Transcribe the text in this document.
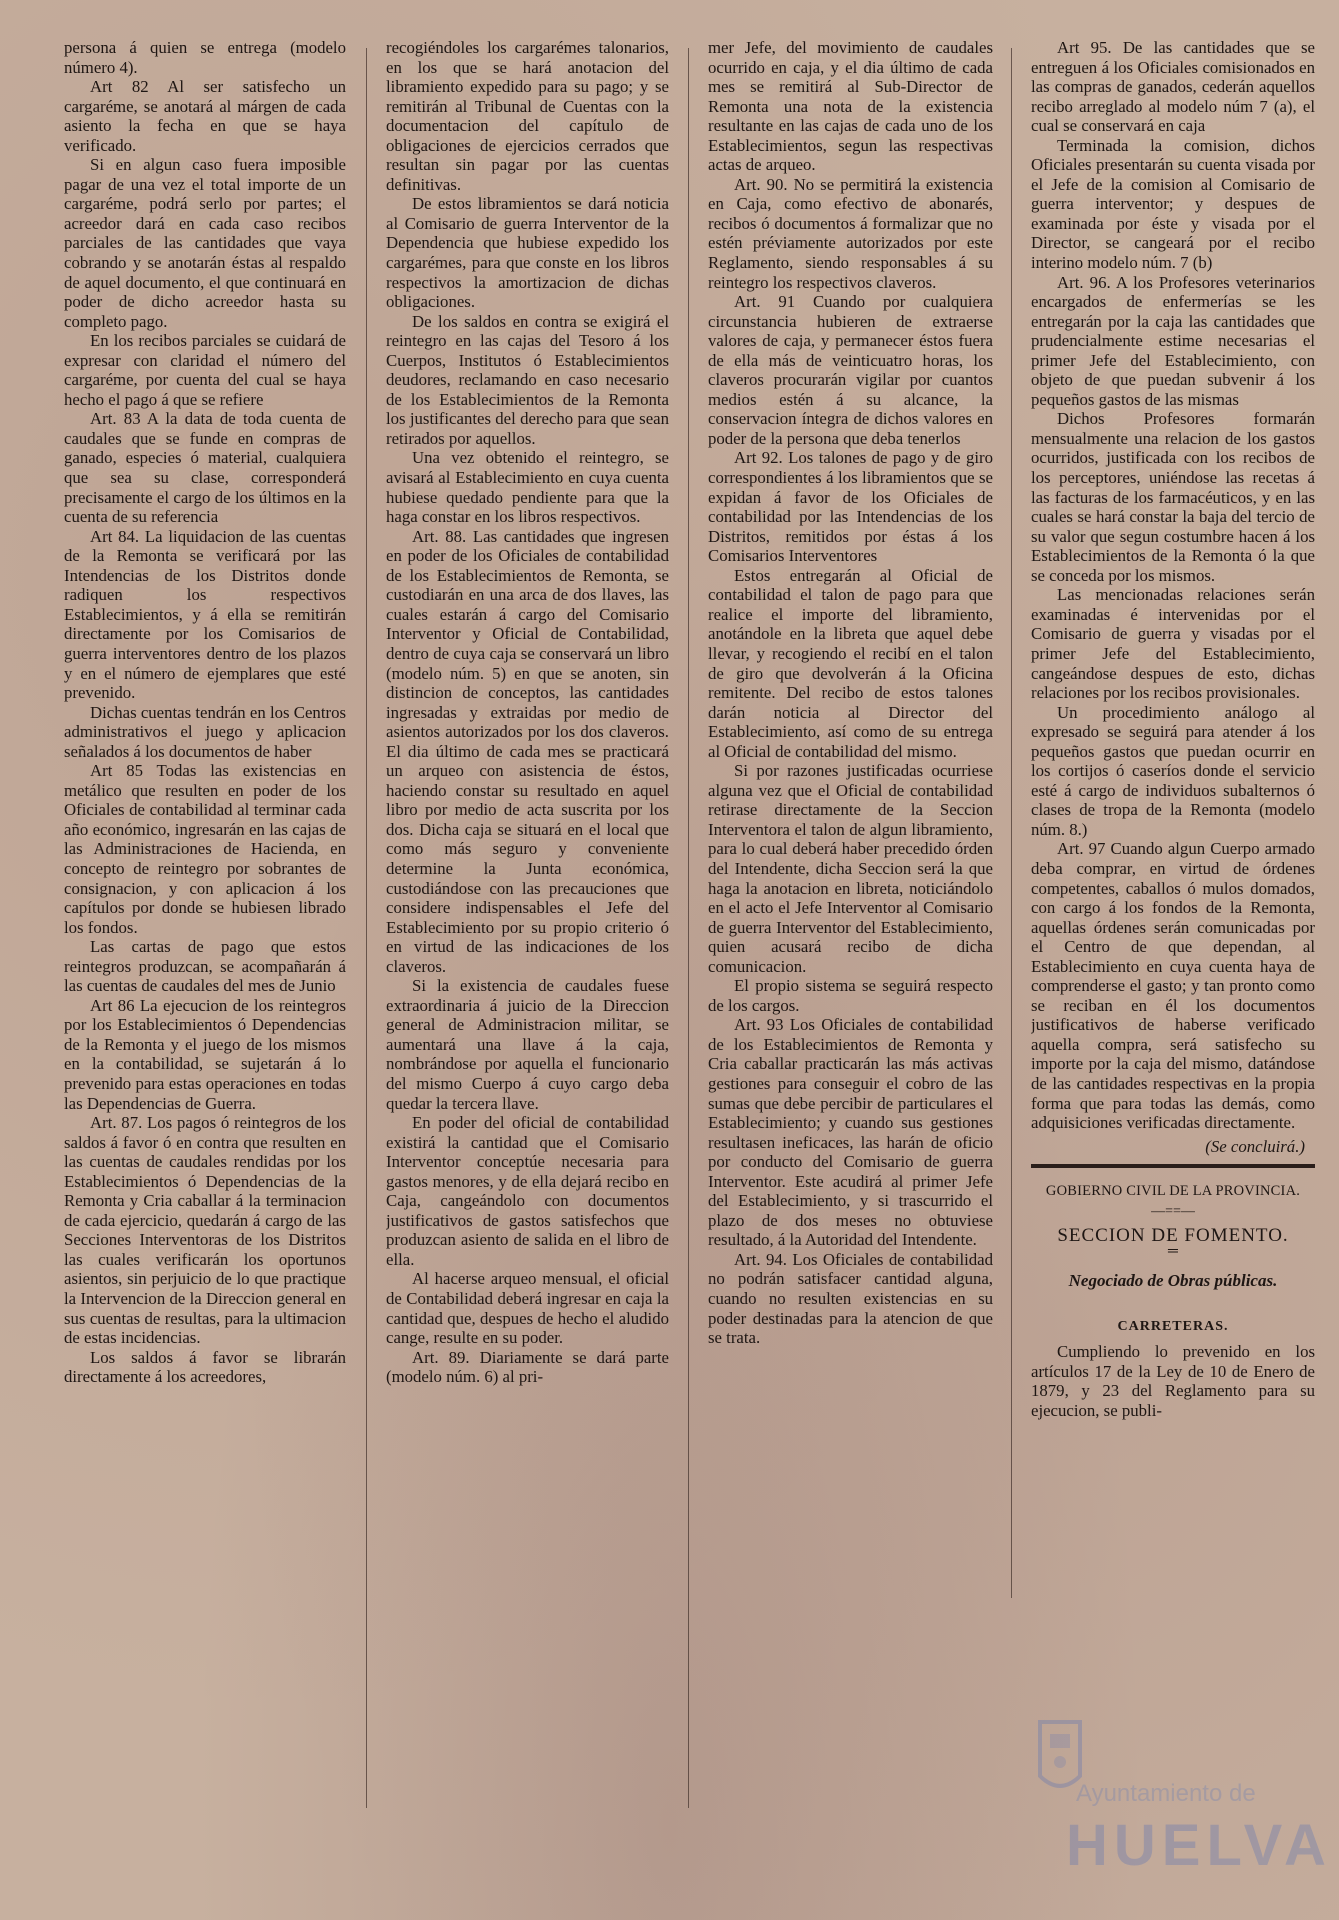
persona á quien se entrega (modelo número 4).

Art 82 Al ser satisfecho un cargaréme, se anotará al márgen de cada asiento la fecha en que se haya verificado.

Si en algun caso fuera imposible pagar de una vez el total importe de un cargaréme, podrá serlo por partes; el acreedor dará en cada caso recibos parciales de las cantidades que vaya cobrando y se anotarán éstas al respaldo de aquel documento, el que continuará en poder de dicho acreedor hasta su completo pago.

En los recibos parciales se cuidará de expresar con claridad el número del cargaréme, por cuenta del cual se haya hecho el pago á que se refiere

Art. 83 A la data de toda cuenta de caudales que se funde en compras de ganado, especies ó material, cualquiera que sea su clase, corresponderá precisamente el cargo de los últimos en la cuenta de su referencia

Art 84. La liquidacion de las cuentas de la Remonta se verificará por las Intendencias de los Distritos donde radiquen los respectivos Establecimientos, y á ella se remitirán directamente por los Comisarios de guerra interventores dentro de los plazos y en el número de ejemplares que esté prevenido.

Dichas cuentas tendrán en los Centros administrativos el juego y aplicacion señalados á los documentos de haber

Art 85 Todas las existencias en metálico que resulten en poder de los Oficiales de contabilidad al terminar cada año económico, ingresarán en las cajas de las Administraciones de Hacienda, en concepto de reintegro por sobrantes de consignacion, y con aplicacion á los capítulos por donde se hubiesen librado los fondos.

Las cartas de pago que estos reintegros produzcan, se acompañarán á las cuentas de caudales del mes de Junio

Art 86 La ejecucion de los reintegros por los Establecimientos ó Dependencias de la Remonta y el juego de los mismos en la contabilidad, se sujetarán á lo prevenido para estas operaciones en todas las Dependencias de Guerra.

Art. 87. Los pagos ó reintegros de los saldos á favor ó en contra que resulten en las cuentas de caudales rendidas por los Establecimientos ó Dependencias de la Remonta y Cria caballar á la terminacion de cada ejercicio, quedarán á cargo de las Secciones Interventoras de los Distritos las cuales verificarán los oportunos asientos, sin perjuicio de lo que practique la Intervencion de la Direccion general en sus cuentas de resultas, para la ultimacion de estas incidencias.

Los saldos á favor se librarán directamente á los acreedores,

recogiéndoles los cargarémes talonarios, en los que se hará anotacion del libramiento expedido para su pago; y se remitirán al Tribunal de Cuentas con la documentacion del capítulo de obligaciones de ejercicios cerrados que resultan sin pagar por las cuentas definitivas.

De estos libramientos se dará noticia al Comisario de guerra Interventor de la Dependencia que hubiese expedido los cargarémes, para que conste en los libros respectivos la amortizacion de dichas obligaciones.

De los saldos en contra se exigirá el reintegro en las cajas del Tesoro á los Cuerpos, Institutos ó Establecimientos deudores, reclamando en caso necesario de los Establecimientos de la Remonta los justificantes del derecho para que sean retirados por aquellos.

Una vez obtenido el reintegro, se avisará al Establecimiento en cuya cuenta hubiese quedado pendiente para que la haga constar en los libros respectivos.

Art. 88. Las cantidades que ingresen en poder de los Oficiales de contabilidad de los Establecimientos de Remonta, se custodiarán en una arca de dos llaves, las cuales estarán á cargo del Comisario Interventor y Oficial de Contabilidad, dentro de cuya caja se conservará un libro (modelo núm. 5) en que se anoten, sin distincion de conceptos, las cantidades ingresadas y extraidas por medio de asientos autorizados por los dos claveros. El dia último de cada mes se practicará un arqueo con asistencia de éstos, haciendo constar su resultado en aquel libro por medio de acta suscrita por los dos. Dicha caja se situará en el local que como más seguro y conveniente determine la Junta económica, custodiándose con las precauciones que considere indispensables el Jefe del Establecimiento por su propio criterio ó en virtud de las indicaciones de los claveros.

Si la existencia de caudales fuese extraordinaria á juicio de la Direccion general de Administracion militar, se aumentará una llave á la caja, nombrándose por aquella el funcionario del mismo Cuerpo á cuyo cargo deba quedar la tercera llave.

En poder del oficial de contabilidad existirá la cantidad que el Comisario Interventor conceptúe necesaria para gastos menores, y de ella dejará recibo en Caja, cangeándolo con documentos justificativos de gastos satisfechos que produzcan asiento de salida en el libro de ella.

Al hacerse arqueo mensual, el oficial de Contabilidad deberá ingresar en caja la cantidad que, despues de hecho el aludido cange, resulte en su poder.

Art. 89. Diariamente se dará parte (modelo núm. 6) al pri-

mer Jefe, del movimiento de caudales ocurrido en caja, y el dia último de cada mes se remitirá al Sub-Director de Remonta una nota de la existencia resultante en las cajas de cada uno de los Establecimientos, segun las respectivas actas de arqueo.

Art. 90. No se permitirá la existencia en Caja, como efectivo de abonarés, recibos ó documentos á formalizar que no estén préviamente autorizados por este Reglamento, siendo responsables á su reintegro los respectivos claveros.

Art. 91 Cuando por cualquiera circunstancia hubieren de extraerse valores de caja, y permanecer éstos fuera de ella más de veinticuatro horas, los claveros procurarán vigilar por cuantos medios estén á su alcance, la conservacion íntegra de dichos valores en poder de la persona que deba tenerlos

Art 92. Los talones de pago y de giro correspondientes á los libramientos que se expidan á favor de los Oficiales de contabilidad por las Intendencias de los Distritos, remitidos por éstas á los Comisarios Interventores

Estos entregarán al Oficial de contabilidad el talon de pago para que realice el importe del libramiento, anotándole en la libreta que aquel debe llevar, y recogiendo el recibí en el talon de giro que devolverán á la Oficina remitente. Del recibo de estos talones darán noticia al Director del Establecimiento, así como de su entrega al Oficial de contabilidad del mismo.

Si por razones justificadas ocurriese alguna vez que el Oficial de contabilidad retirase directamente de la Seccion Interventora el talon de algun libramiento, para lo cual deberá haber precedido órden del Intendente, dicha Seccion será la que haga la anotacion en libreta, noticiándolo en el acto el Jefe Interventor al Comisario de guerra Interventor del Establecimiento, quien acusará recibo de dicha comunicacion.

El propio sistema se seguirá respecto de los cargos.

Art. 93 Los Oficiales de contabilidad de los Establecimientos de Remonta y Cria caballar practicarán las más activas gestiones para conseguir el cobro de las sumas que debe percibir de particulares el Establecimiento; y cuando sus gestiones resultasen ineficaces, las harán de oficio por conducto del Comisario de guerra Interventor. Este acudirá al primer Jefe del Establecimiento, y si trascurrido el plazo de dos meses no obtuviese resultado, á la Autoridad del Intendente.

Art. 94. Los Oficiales de contabilidad no podrán satisfacer cantidad alguna, cuando no resulten existencias en su poder destinadas para la atencion de que se trata.

Art 95. De las cantidades que se entreguen á los Oficiales comisionados en las compras de ganados, cederán aquellos recibo arreglado al modelo núm 7 (a), el cual se conservará en caja

Terminada la comision, dichos Oficiales presentarán su cuenta visada por el Jefe de la comision al Comisario de guerra interventor; y despues de examinada por éste y visada por el Director, se cangeará por el recibo interino modelo núm. 7 (b)

Art. 96. A los Profesores veterinarios encargados de enfermerías se les entregarán por la caja las cantidades que prudencialmente estime necesarias el primer Jefe del Establecimiento, con objeto de que puedan subvenir á los pequeños gastos de las mismas

Dichos Profesores formarán mensualmente una relacion de los gastos ocurridos, justificada con los recibos de los perceptores, uniéndose las recetas á las facturas de los farmacéuticos, y en las cuales se hará constar la baja del tercio de su valor que segun costumbre hacen á los Establecimientos de la Remonta ó la que se conceda por los mismos.

Las mencionadas relaciones serán examinadas é intervenidas por el Comisario de guerra y visadas por el primer Jefe del Establecimiento, cangeándose despues de esto, dichas relaciones por los recibos provisionales.

Un procedimiento análogo al expresado se seguirá para atender á los pequeños gastos que puedan ocurrir en los cortijos ó caseríos donde el servicio esté á cargo de individuos subalternos ó clases de tropa de la Remonta (modelo núm. 8.)

Art. 97 Cuando algun Cuerpo armado deba comprar, en virtud de órdenes competentes, caballos ó mulos domados, con cargo á los fondos de la Remonta, aquellas órdenes serán comunicadas por el Centro de que dependan, al Establecimiento en cuya cuenta haya de comprenderse el gasto; y tan pronto como se reciban en él los documentos justificativos de haberse verificado aquella compra, será satisfecho su importe por la caja del mismo, datándose de las cantidades respectivas en la propia forma que para todas las demás, como adquisiciones verificadas directamente.

(Se concluirá.)

GOBIERNO CIVIL DE LA PROVINCIA.

—==—

SECCION DE FOMENTO.

═

Negociado de Obras públicas.

CARRETERAS.

Cumpliendo lo prevenido en los artículos 17 de la Ley de 10 de Enero de 1879, y 23 del Reglamento para su ejecucion, se publi-

Ayuntamiento de
HUELVA
